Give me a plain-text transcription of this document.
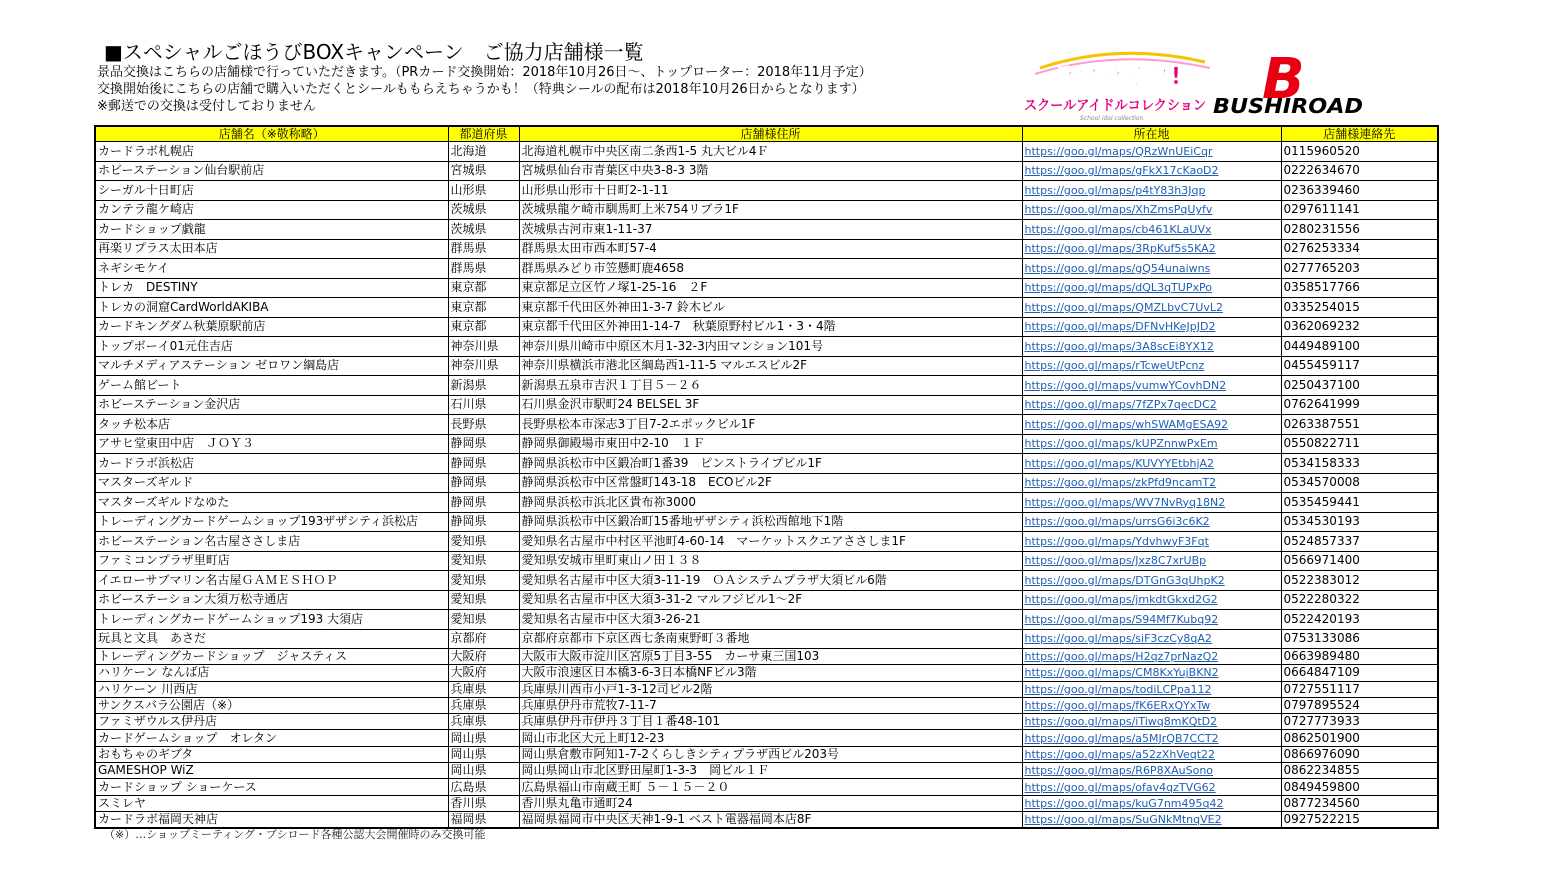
■スペシャルごほうびBOXキャンペーン　ご協力店舗様一覧
景品交換はこちらの店舗様で行っていただきます。（PRカード交換開始：2018年10月26日～、トップローター：2018年11月予定）
交換開始後にこちらの店舗で購入いただくとシールももらえちゃうかも！（特典シールの配布は2018年10月26日からとなります）
※郵送での交換は受付しておりません
ラブライブ!
スクールアイドルコレクション
School idol collection
B
BUSHIROAD
店舗名（※敬称略）	都道府県	店舗様住所	所在地	店舗様連絡先
カードラボ札幌店	北海道	北海道札幌市中央区南二条西1-5 丸大ビル4Ｆ	https://goo.gl/maps/QRzWnUEiCqr	0115960520
ホビーステーション仙台駅前店	宮城県	宮城県仙台市青葉区中央3-8-3 3階	https://goo.gl/maps/gFkX17cKaoD2	0222634670
シーガル十日町店	山形県	山形県山形市十日町2-1-11	https://goo.gl/maps/p4tY83h3Jqp	0236339460
カンテラ龍ケ崎店	茨城県	茨城県龍ケ崎市馴馬町上米754リブラ1F	https://goo.gl/maps/XhZmsPqUyfv	0297611141
カードショップ戯龍	茨城県	茨城県古河市東1-11-37	https://goo.gl/maps/cb461KLaUVx	0280231556
再楽リプラス太田本店	群馬県	群馬県太田市西本町57-4	https://goo.gl/maps/3RpKuf5s5KA2	0276253334
ネギシモケイ	群馬県	群馬県みどり市笠懸町鹿4658	https://goo.gl/maps/gQ54unaiwns	0277765203
トレカ　DESTINY	東京都	東京都足立区竹ノ塚1-25-16　２F	https://goo.gl/maps/dQL3qTUPxPo	0358517766
トレカの洞窟CardWorldAKIBA	東京都	東京都千代田区外神田1-3-7 鈴木ビル	https://goo.gl/maps/QMZLbvC7UvL2	0335254015
カードキングダム秋葉原駅前店	東京都	東京都千代田区外神田1-14-7　秋葉原野村ビル1・3・4階	https://goo.gl/maps/DFNvHKeJpJD2	0362069232
トップボーイ01元住吉店	神奈川県	神奈川県川崎市中原区木月1-32-3内田マンション101号	https://goo.gl/maps/3A8scEi8YX12	0449489100
マルチメディアステーション ゼロワン綱島店	神奈川県	神奈川県横浜市港北区綱島西1-11-5 マルエスビル2F	https://goo.gl/maps/rTcweUtPcnz	0455459117
ゲーム館ビート	新潟県	新潟県五泉市吉沢１丁目５－２６	https://goo.gl/maps/vumwYCovhDN2	0250437100
ホビーステーション金沢店	石川県	石川県金沢市駅町24 BELSEL 3F	https://goo.gl/maps/7fZPx7qecDC2	0762641999
タッチ松本店	長野県	長野県松本市深志3丁目7-2エポックビル1F	https://goo.gl/maps/whSWAMgESA92	0263387551
アサヒ堂東田中店　ＪＯＹ３	静岡県	静岡県御殿場市東田中2-10　１Ｆ	https://goo.gl/maps/kUPZnnwPxEm	0550822711
カードラボ浜松店	静岡県	静岡県浜松市中区鍛冶町1番39　ピンストライプビル1F	https://goo.gl/maps/KUVYYEtbhjA2	0534158333
マスターズギルド	静岡県	静岡県浜松市中区常盤町143-18　ECOビル2F	https://goo.gl/maps/zkPfd9ncamT2	0534570008
マスターズギルドなゆた	静岡県	静岡県浜松市浜北区貴布祢3000	https://goo.gl/maps/WV7NvRyq18N2	0535459441
トレーディングカードゲームショップ193ザザシティ浜松店	静岡県	静岡県浜松市中区鍛冶町15番地ザザシティ浜松西館地下1階	https://goo.gl/maps/urrsG6i3c6K2	0534530193
ホビーステーション名古屋ささしま店	愛知県	愛知県名古屋市中村区平池町4-60-14　マーケットスクエアささしま1F	https://goo.gl/maps/YdvhwyF3Fqt	0524857337
ファミコンプラザ里町店	愛知県	愛知県安城市里町東山ノ田１３８	https://goo.gl/maps/Jxz8C7xrUBp	0566971400
イエローサブマリン名古屋ＧＡＭＥＳＨＯＰ	愛知県	愛知県名古屋市中区大須3-11-19　ＯＡシステムプラザ大須ビル6階	https://goo.gl/maps/DTGnG3qUhpK2	0522383012
ホビーステーション大須万松寺通店	愛知県	愛知県名古屋市中区大須3-31-2 マルフジビル1～2F	https://goo.gl/maps/jmkdtGkxd2G2	0522280322
トレーディングカードゲームショップ193 大須店	愛知県	愛知県名古屋市中区大須3-26-21	https://goo.gl/maps/S94Mf7Kubq92	0522420193
玩具と文具　あさだ	京都府	京都府京都市下京区西七条南東野町３番地	https://goo.gl/maps/siF3czCy8qA2	0753133086
トレーディングカードショップ　ジャスティス	大阪府	大阪市大阪市淀川区宮原5丁目3-55　カーサ東三国103	https://goo.gl/maps/H2qz7prNazQ2	0663989480
ハリケーン なんば店	大阪府	大阪市浪速区日本橋3-6-3日本橋NFビル3階	https://goo.gl/maps/CM8KxYujBKN2	0664847109
ハリケーン 川西店	兵庫県	兵庫県川西市小戸1-3-12司ビル2階	https://goo.gl/maps/todiLCPpa112	0727551117
サンクスバラ公園店（※）	兵庫県	兵庫県伊丹市荒牧7-11-7	https://goo.gl/maps/fK6ERxQYxTw	0797895524
ファミザウルス伊丹店	兵庫県	兵庫県伊丹市伊丹３丁目１番48-101	https://goo.gl/maps/iTiwq8mKQtD2	0727773933
カードゲームショップ　オレタン	岡山県	岡山市北区大元上町12-23	https://goo.gl/maps/a5MJrQB7CCT2	0862501900
おもちゃのギブタ	岡山県	岡山県倉敷市阿知1-7-2くらしきシティプラザ西ビル203号	https://goo.gl/maps/a52zXhVeqt22	0866976090
GAMESHOP WiZ	岡山県	岡山県岡山市北区野田屋町1-3-3　岡ビル１Ｆ	https://goo.gl/maps/R6P8XAuSono	0862234855
カードショップ ショーケース	広島県	広島県福山市南蔵王町 ５－１５－２０	https://goo.gl/maps/ofav4qzTVG62	0849459800
スミレヤ	香川県	香川県丸亀市通町24	https://goo.gl/maps/kuG7nm495q42	0877234560
カードラボ福岡天神店	福岡県	福岡県福岡市中央区天神1-9-1 ベスト電器福岡本店8F	https://goo.gl/maps/SuGNkMtnqVE2	0927522215
（※）…ショップミーティング・ブシロード各種公認大会開催時のみ交換可能
